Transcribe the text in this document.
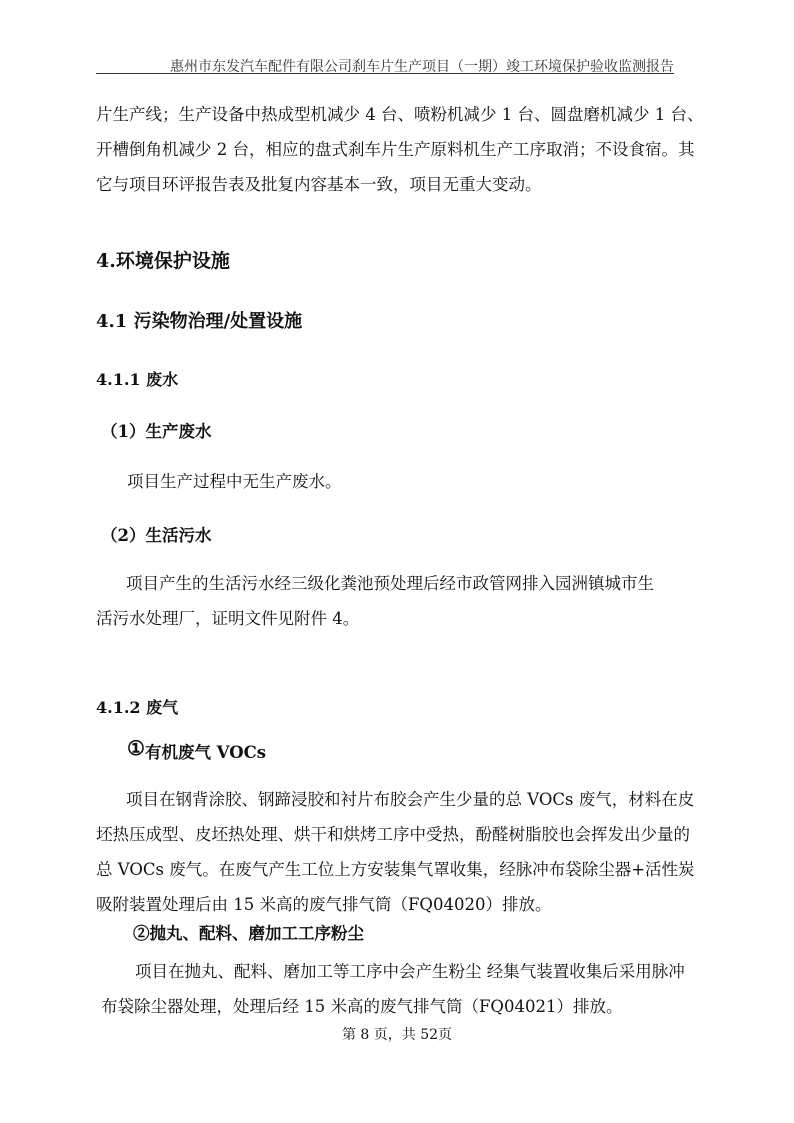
惠州市东发汽车配件有限公司刹车片生产项目（一期）竣工环境保护验收监测报告
片生产线；生产设备中热成型机减少 4 台、喷粉机减少 1 台、圆盘磨机减少 1 台、
开槽倒角机减少 2 台，相应的盘式刹车片生产原料机生产工序取消；不设食宿。其
它与项目环评报告表及批复内容基本一致，项目无重大变动。
4.环境保护设施
4.1 污染物治理/处置设施
4.1.1 废水
（1）生产废水
项目生产过程中无生产废水。
（2）生活污水
项目产生的生活污水经三级化粪池预处理后经市政管网排入园洲镇城市生
活污水处理厂，证明文件见附件 4。
4.1.2 废气
①有机废气 VOCs
项目在钢背涂胶、钢蹄浸胶和衬片布胶会产生少量的总 VOCs 废气，材料在皮
坯热压成型、皮坯热处理、烘干和烘烤工序中受热，酚醛树脂胶也会挥发出少量的
总 VOCs 废气。在废气产生工位上方安装集气罩收集，经脉冲布袋除尘器+活性炭
吸附装置处理后由 15 米高的废气排气筒（FQ04020）排放。
②抛丸、配料、磨加工工序粉尘
项目在抛丸、配料、磨加工等工序中会产生粉尘 经集气装置收集后采用脉冲
布袋除尘器处理，处理后经 15 米高的废气排气筒（FQ04021）排放。
第 8 页，共 52页
